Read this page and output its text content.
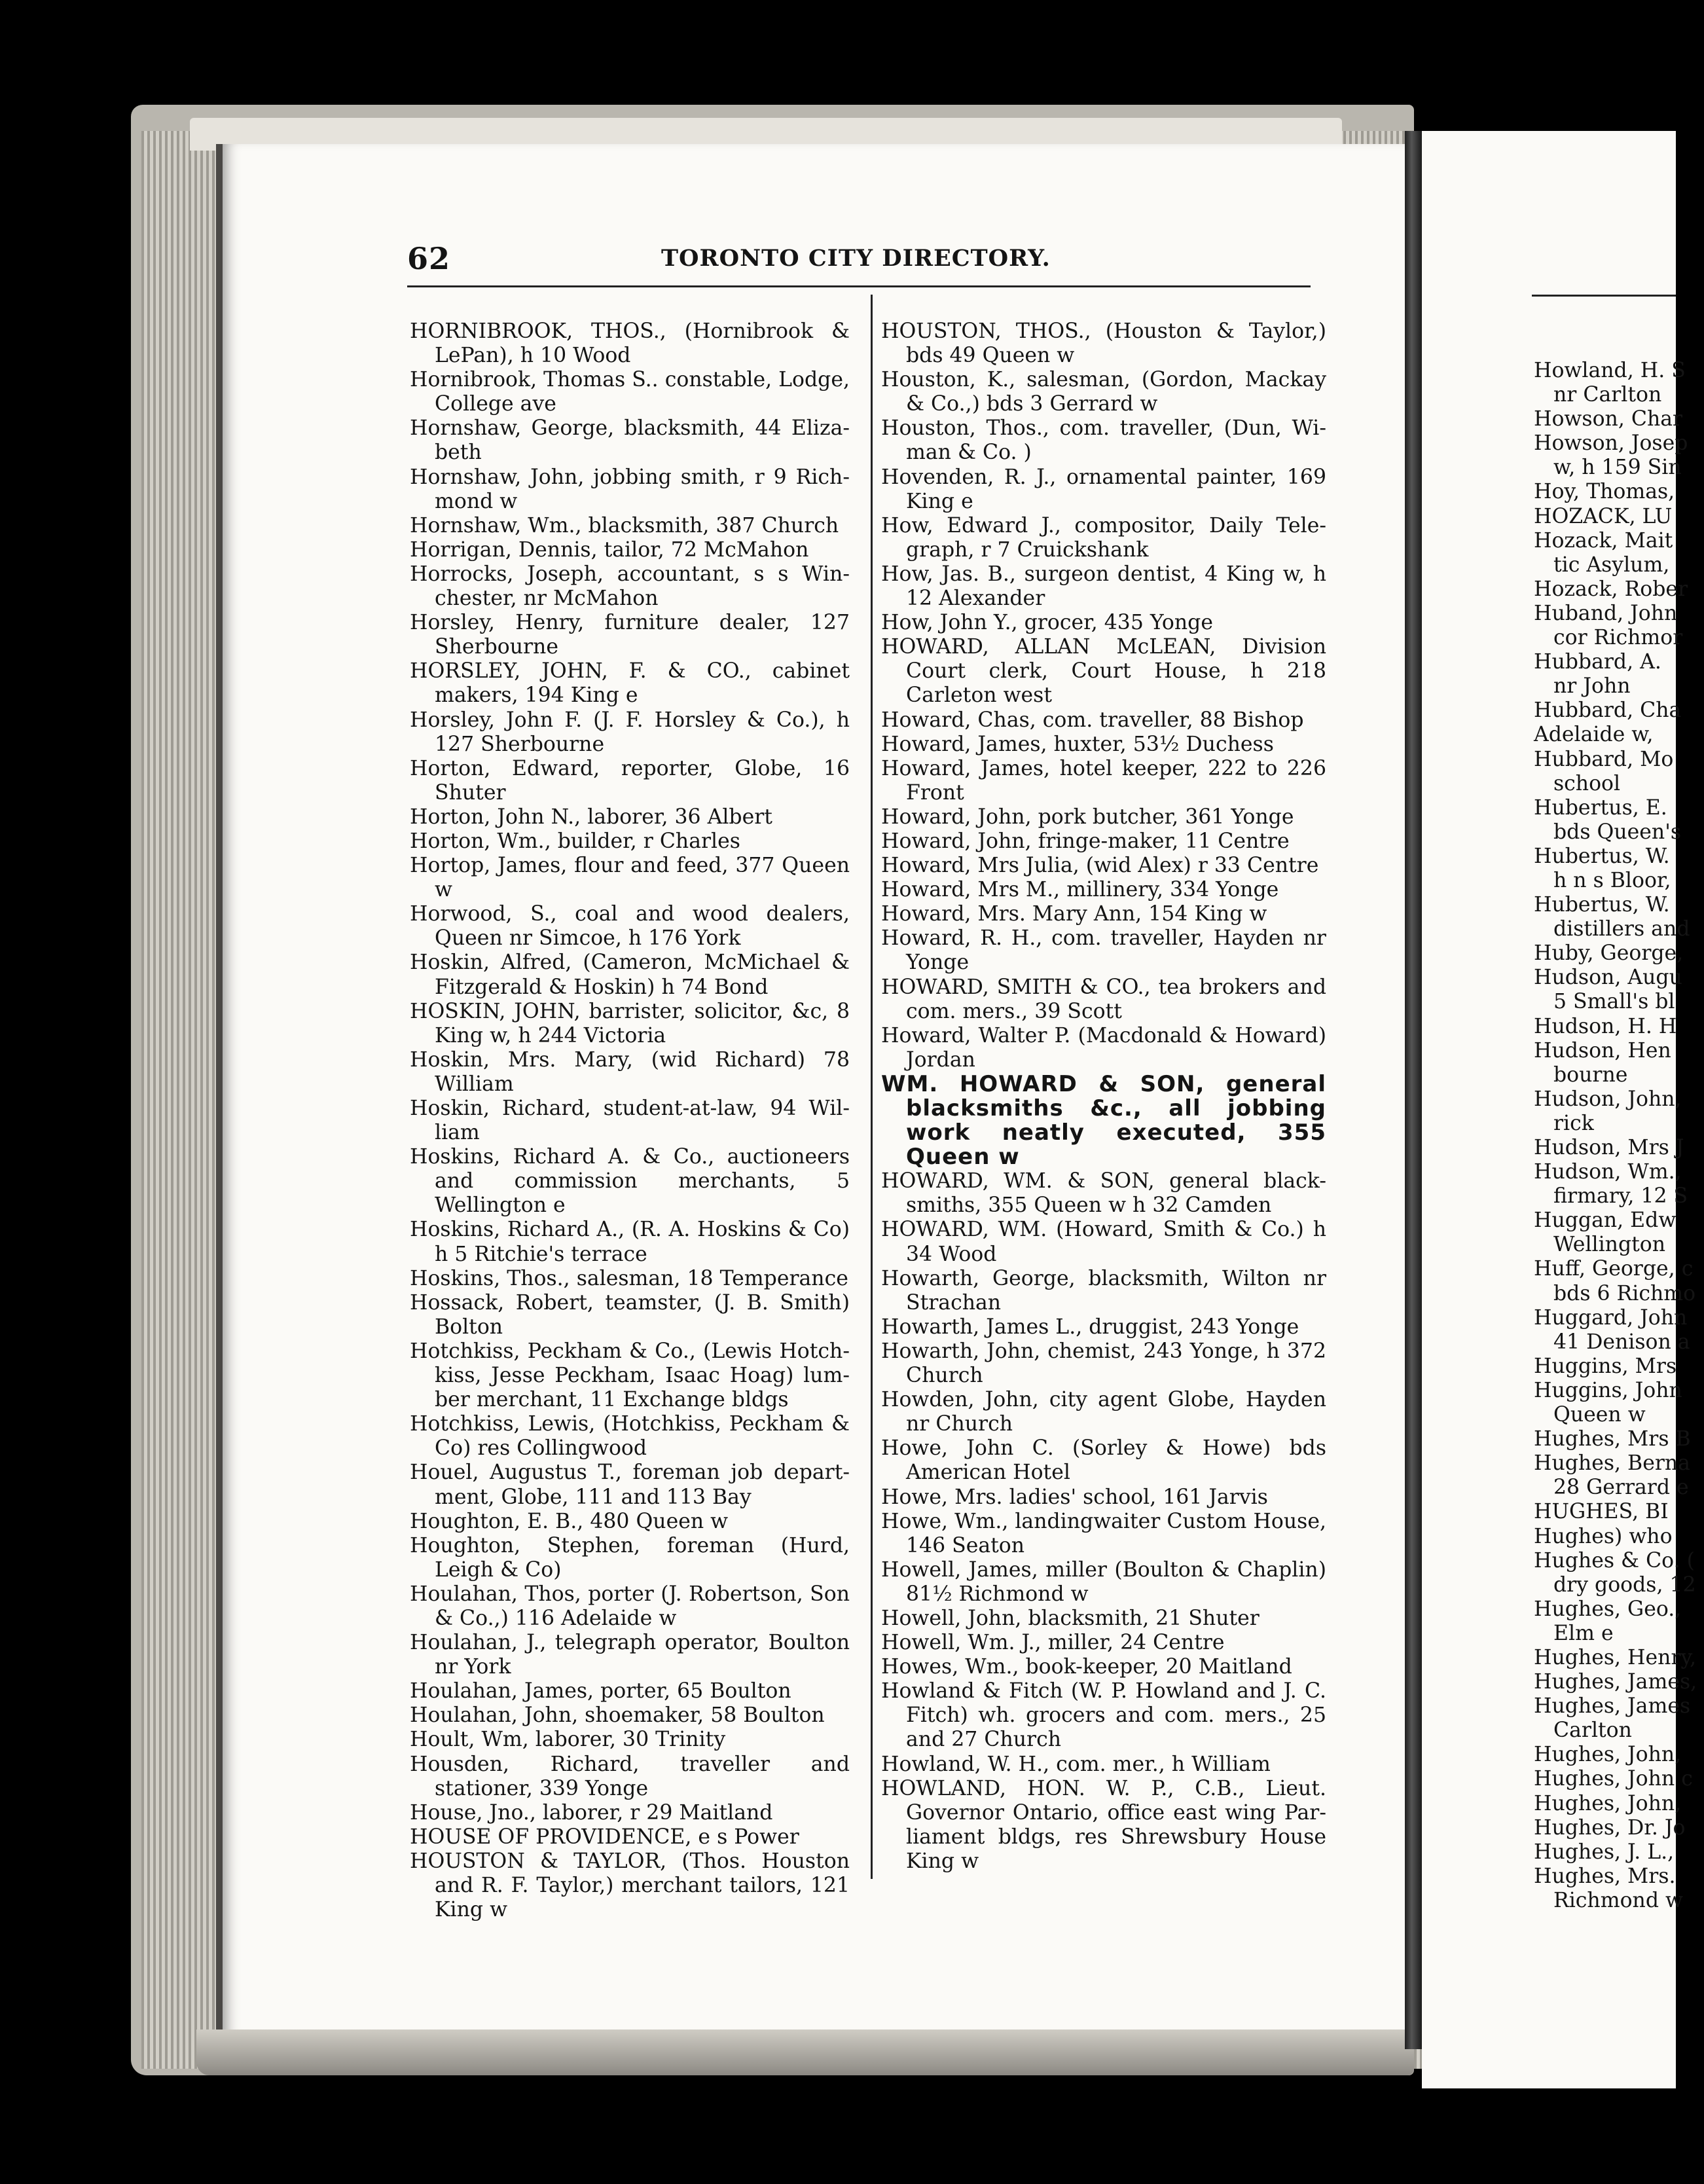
62	TORONTO CITY DIRECTORY.

HORNIBROOK, THOS., (Hornibrook & LePan), h 10 Wood

Hornibrook, Thomas S.. constable, Lodge, College ave

Hornshaw, George, blacksmith, 44 Eliza-beth

Hornshaw, John, jobbing smith, r 9 Rich-mond w

Hornshaw, Wm., blacksmith, 387 Church

Horrigan, Dennis, tailor, 72 McMahon

Horrocks, Joseph, accountant, s s Win-chester, nr McMahon

Horsley, Henry, furniture dealer, 127 Sherbourne

HORSLEY, JOHN, F. & CO., cabinet makers, 194 King e

Horsley, John F. (J. F. Horsley & Co.), h 127 Sherbourne

Horton, Edward, reporter, Globe, 16 Shuter

Horton, John N., laborer, 36 Albert

Horton, Wm., builder, r Charles

Hortop, James, flour and feed, 377 Queen w

Horwood, S., coal and wood dealers, Queen nr Simcoe, h 176 York

Hoskin, Alfred, (Cameron, McMichael & Fitzgerald & Hoskin) h 74 Bond

HOSKIN, JOHN, barrister, solicitor, &c, 8 King w, h 244 Victoria

Hoskin, Mrs. Mary, (wid Richard) 78 William

Hoskin, Richard, student-at-law, 94 Wil-liam

Hoskins, Richard A. & Co., auctioneers and commission merchants, 5 Wellington e

Hoskins, Richard A., (R. A. Hoskins & Co) h 5 Ritchie's terrace

Hoskins, Thos., salesman, 18 Temperance

Hossack, Robert, teamster, (J. B. Smith) Bolton

Hotchkiss, Peckham & Co., (Lewis Hotch-kiss, Jesse Peckham, Isaac Hoag) lum-ber merchant, 11 Exchange bldgs

Hotchkiss, Lewis, (Hotchkiss, Peckham & Co) res Collingwood

Houel, Augustus T., foreman job depart-ment, Globe, 111 and 113 Bay

Houghton, E. B., 480 Queen w

Houghton, Stephen, foreman (Hurd, Leigh & Co)

Houlahan, Thos, porter (J. Robertson, Son & Co.,) 116 Adelaide w

Houlahan, J., telegraph operator, Boulton nr York

Houlahan, James, porter, 65 Boulton

Houlahan, John, shoemaker, 58 Boulton

Hoult, Wm, laborer, 30 Trinity

Housden, Richard, traveller and stationer, 339 Yonge

House, Jno., laborer, r 29 Maitland

HOUSE OF PROVIDENCE, e s Power

HOUSTON & TAYLOR, (Thos. Houston and R. F. Taylor,) merchant tailors, 121 King w

HOUSTON, THOS., (Houston & Taylor,) bds 49 Queen w

Houston, K., salesman, (Gordon, Mackay & Co.,) bds 3 Gerrard w

Houston, Thos., com. traveller, (Dun, Wi-man & Co. )

Hovenden, R. J., ornamental painter, 169 King e

How, Edward J., compositor, Daily Tele-graph, r 7 Cruickshank

How, Jas. B., surgeon dentist, 4 King w, h 12 Alexander

How, John Y., grocer, 435 Yonge

HOWARD, ALLAN McLEAN, Division Court clerk, Court House, h 218 Carleton west

Howard, Chas, com. traveller, 88 Bishop

Howard, James, huxter, 53½ Duchess

Howard, James, hotel keeper, 222 to 226 Front

Howard, John, pork butcher, 361 Yonge

Howard, John, fringe-maker, 11 Centre

Howard, Mrs Julia, (wid Alex) r 33 Centre

Howard, Mrs M., millinery, 334 Yonge

Howard, Mrs. Mary Ann, 154 King w

Howard, R. H., com. traveller, Hayden nr Yonge

HOWARD, SMITH & CO., tea brokers and com. mers., 39 Scott

Howard, Walter P. (Macdonald & Howard) Jordan

WM. HOWARD & SON, general blacksmiths &c., all jobbing work neatly executed, 355 Queen w

HOWARD, WM. & SON, general black-smiths, 355 Queen w h 32 Camden

HOWARD, WM. (Howard, Smith & Co.) h 34 Wood

Howarth, George, blacksmith, Wilton nr Strachan

Howarth, James L., druggist, 243 Yonge

Howarth, John, chemist, 243 Yonge, h 372 Church

Howden, John, city agent Globe, Hayden nr Church

Howe, John C. (Sorley & Howe) bds American Hotel

Howe, Mrs. ladies' school, 161 Jarvis

Howe, Wm., landingwaiter Custom House, 146 Seaton

Howell, James, miller (Boulton & Chaplin) 81½ Richmond w

Howell, John, blacksmith, 21 Shuter

Howell, Wm. J., miller, 24 Centre

Howes, Wm., book-keeper, 20 Maitland

Howland & Fitch (W. P. Howland and J. C. Fitch) wh. grocers and com. mers., 25 and 27 Church

Howland, W. H., com. mer., h William

HOWLAND, HON. W. P., C.B., Lieut. Governor Ontario, office east wing Par-liament bldgs, res Shrewsbury House King w

Howland, H. S
nr Carlton
Howson, Char
Howson, Josep
w, h 159 Sin
Hoy, Thomas,
HOZACK, LU
Hozack, Mait
tic Asylum,
Hozack, Rober
Huband, John
cor Richmor
Hubbard, A.
nr John
Hubbard, Cha
Adelaide w,
Hubbard, Mo
school
Hubertus, E.
bds Queen's
Hubertus, W.
h n s Bloor,
Hubertus, W.
distillers and
Huby, George,
Hudson, Augu
5 Small's bl
Hudson, H. H
Hudson, Hen
bourne
Hudson, John,
rick
Hudson, Mrs J
Hudson, Wm.,
firmary, 12 S
Huggan, Edw
Wellington
Huff, George, c
bds 6 Richmo
Huggard, John
41 Denison a
Huggins, Mrs
Huggins, John
Queen w
Hughes, Mrs B
Hughes, Berna
28 Gerrard e
HUGHES, BI
Hughes) who
Hughes & Co. (
dry goods, 12
Hughes, Geo.,
Elm e
Hughes, Henry,
Hughes, James,
Hughes, James
Carlton
Hughes, John,
Hughes, John c
Hughes, John,
Hughes, Dr. Jo
Hughes, J. L.,
Hughes, Mrs.
Richmond w
